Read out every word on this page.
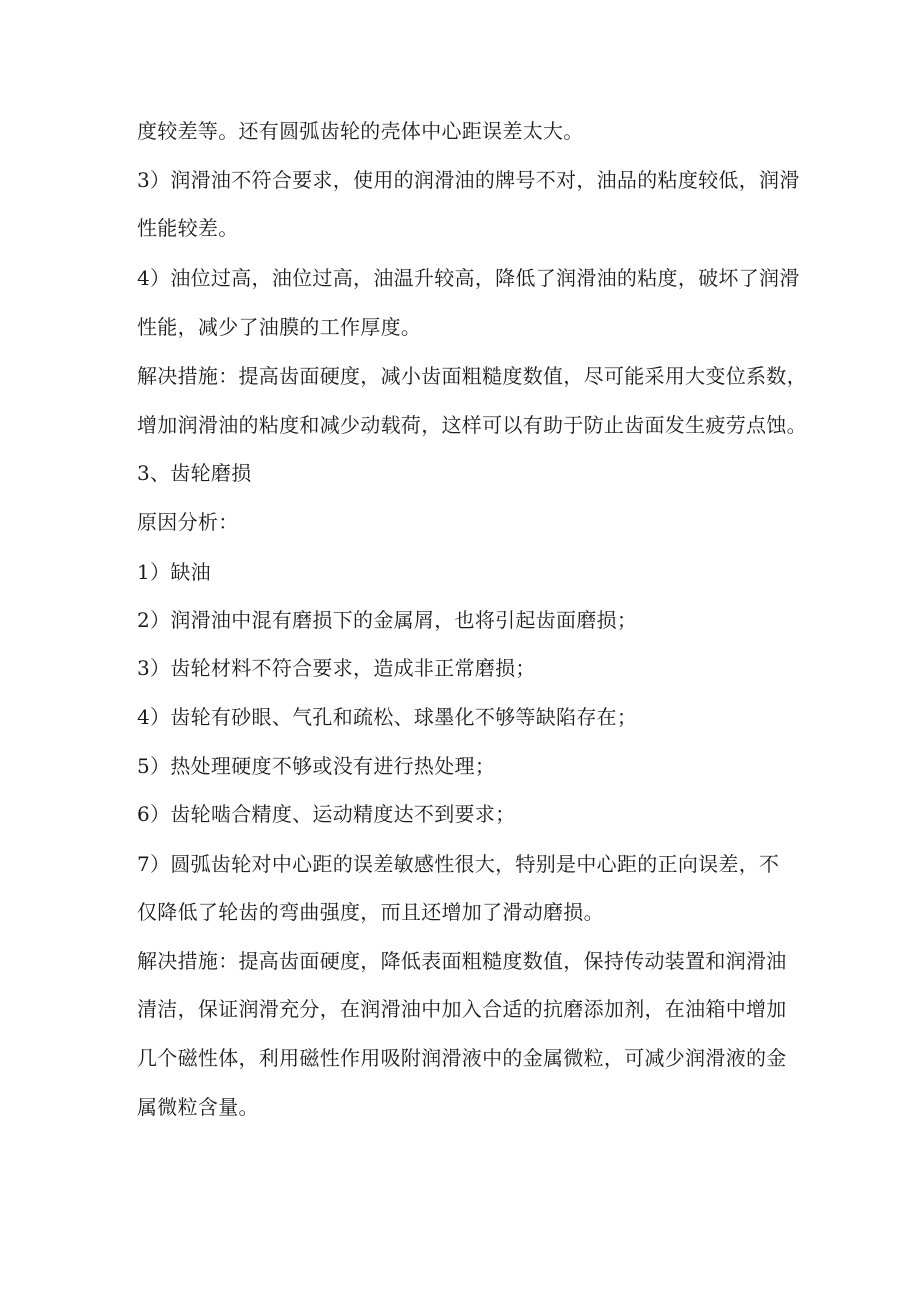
度较差等。还有圆弧齿轮的壳体中心距误差太大。
3）润滑油不符合要求，使用的润滑油的牌号不对，油品的粘度较低，润滑
性能较差。
4）油位过高，油位过高，油温升较高，降低了润滑油的粘度，破坏了润滑
性能，减少了油膜的工作厚度。
解决措施：提高齿面硬度，减小齿面粗糙度数值，尽可能采用大变位系数，
增加润滑油的粘度和减少动载荷，这样可以有助于防止齿面发生疲劳点蚀。
3、齿轮磨损
原因分析：
1）缺油
2）润滑油中混有磨损下的金属屑，也将引起齿面磨损；
3）齿轮材料不符合要求，造成非正常磨损；
4）齿轮有砂眼、气孔和疏松、球墨化不够等缺陷存在；
5）热处理硬度不够或没有进行热处理；
6）齿轮啮合精度、运动精度达不到要求；
7）圆弧齿轮对中心距的误差敏感性很大，特别是中心距的正向误差，不
仅降低了轮齿的弯曲强度，而且还增加了滑动磨损。
解决措施：提高齿面硬度，降低表面粗糙度数值，保持传动装置和润滑油
清洁，保证润滑充分，在润滑油中加入合适的抗磨添加剂，在油箱中增加
几个磁性体，利用磁性作用吸附润滑液中的金属微粒，可减少润滑液的金
属微粒含量。
